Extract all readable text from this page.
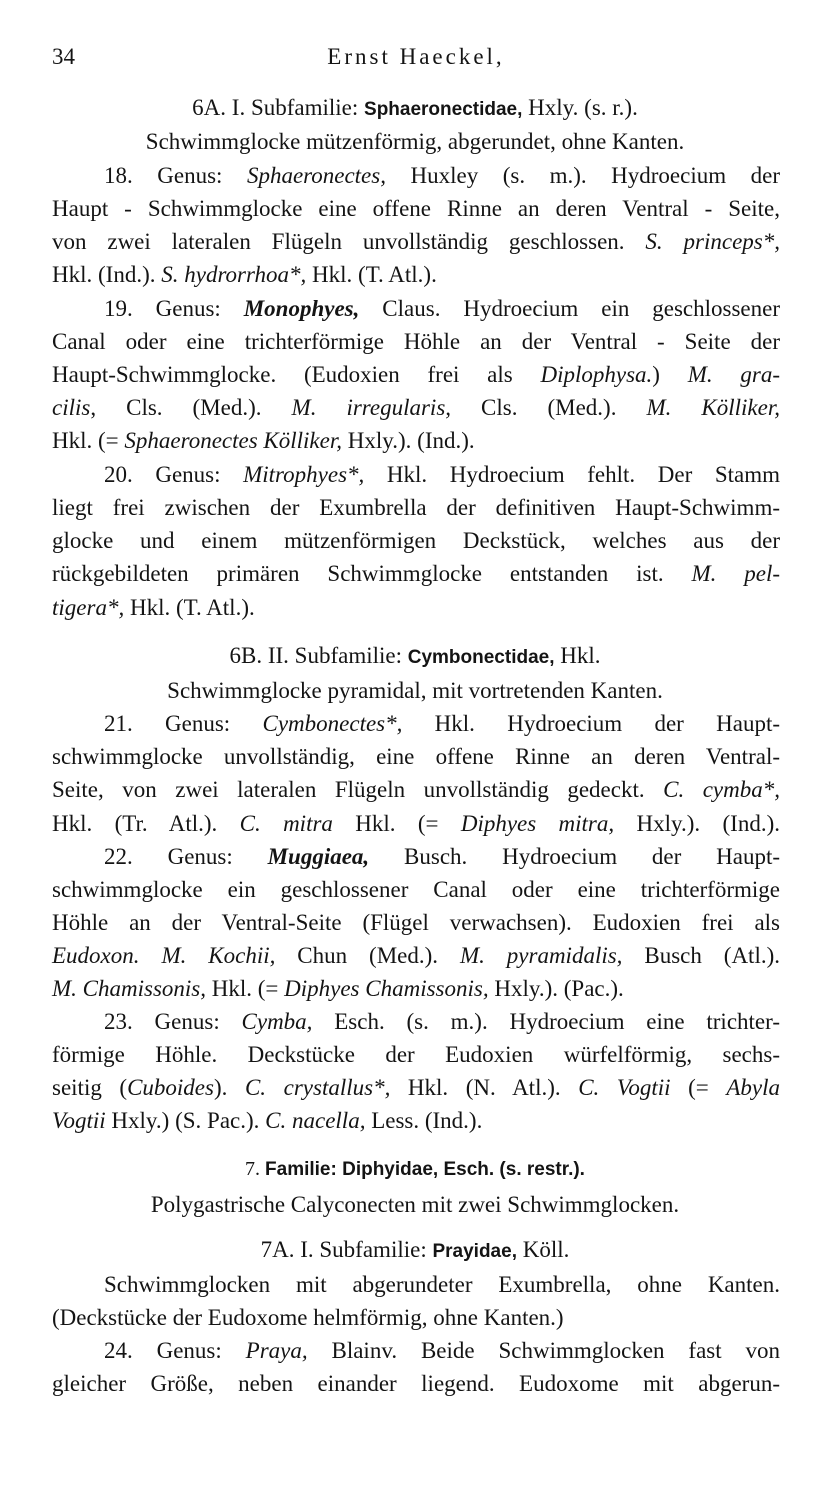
34	Ernst Haeckel,
6A. I. Subfamilie: Sphaeronectidae, Hxly. (s. r.).
Schwimmglocke mützenförmig, abgerundet, ohne Kanten.
18. Genus: Sphaeronectes, Huxley (s. m.). Hydroecium der
Haupt - Schwimmglocke eine offene Rinne an deren Ventral - Seite,
von zwei lateralen Flügeln unvollständig geschlossen. S. princeps*,
Hkl. (Ind.). S. hydrorrhoa*, Hkl. (T. Atl.).
19. Genus: Monophyes, Claus. Hydroecium ein geschlossener
Canal oder eine trichterförmige Höhle an der Ventral - Seite der
Haupt-Schwimmglocke. (Eudoxien frei als Diplophysa.) M. gra-
cilis, Cls. (Med.). M. irregularis, Cls. (Med.). M. Kölliker,
Hkl. (= Sphaeronectes Kölliker, Hxly.). (Ind.).
20. Genus: Mitrophyes*, Hkl. Hydroecium fehlt. Der Stamm
liegt frei zwischen der Exumbrella der definitiven Haupt-Schwimm-
glocke und einem mützenförmigen Deckstück, welches aus der
rückgebildeten primären Schwimmglocke entstanden ist. M. pel-
tigera*, Hkl. (T. Atl.).
6B. II. Subfamilie: Cymbonectidae, Hkl.
Schwimmglocke pyramidal, mit vortretenden Kanten.
21. Genus: Cymbonectes*, Hkl. Hydroecium der Haupt-
schwimmglocke unvollständig, eine offene Rinne an deren Ventral-
Seite, von zwei lateralen Flügeln unvollständig gedeckt. C. cymba*,
Hkl. (Tr. Atl.). C. mitra Hkl. (= Diphyes mitra, Hxly.). (Ind.).
22. Genus: Muggiaea, Busch. Hydroecium der Haupt-
schwimmglocke ein geschlossener Canal oder eine trichterförmige
Höhle an der Ventral-Seite (Flügel verwachsen). Eudoxien frei als
Eudoxon. M. Kochii, Chun (Med.). M. pyramidalis, Busch (Atl.).
M. Chamissonis, Hkl. (= Diphyes Chamissonis, Hxly.). (Pac.).
23. Genus: Cymba, Esch. (s. m.). Hydroecium eine trichter-
förmige Höhle. Deckstücke der Eudoxien würfelförmig, sechs-
seitig (Cuboides). C. crystallus*, Hkl. (N. Atl.). C. Vogtii (= Abyla
Vogtii Hxly.) (S. Pac.). C. nacella, Less. (Ind.).
7. Familie: Diphyidae, Esch. (s. restr.).
Polygastrische Calyconecten mit zwei Schwimmglocken.
7A. I. Subfamilie: Prayidae, Köll.
Schwimmglocken mit abgerundeter Exumbrella, ohne Kanten.
(Deckstücke der Eudoxome helmförmig, ohne Kanten.)
24. Genus: Praya, Blainv. Beide Schwimmglocken fast von
gleicher Größe, neben einander liegend. Eudoxome mit abgerun-
